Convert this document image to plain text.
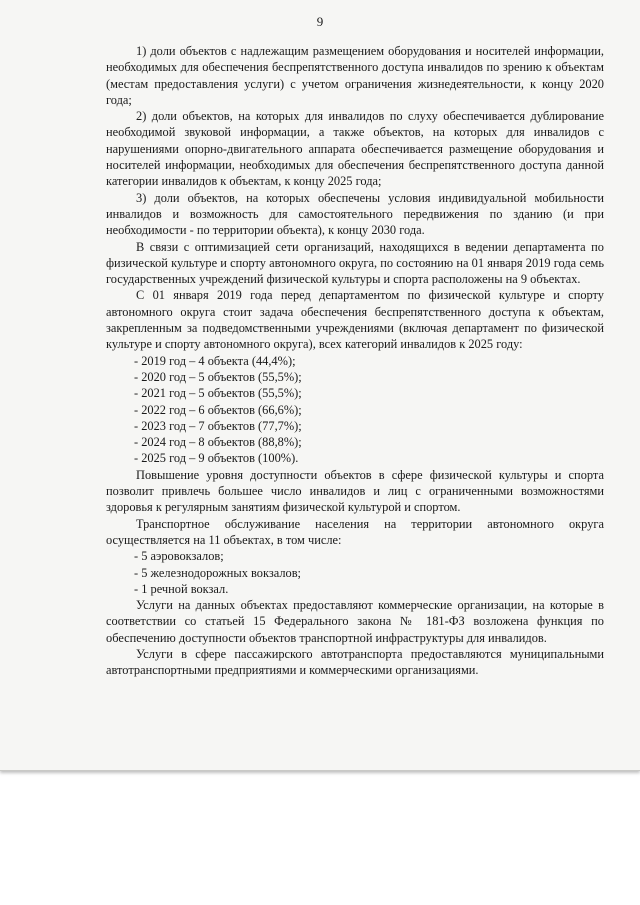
9

1) доли объектов с надлежащим размещением оборудования и носителей информации, необходимых для обеспечения беспрепятственного доступа инвалидов по зрению к объектам (местам предоставления услуги) с учетом ограничения жизнедеятельности, к концу 2020 года;

2) доли объектов, на которых для инвалидов по слуху обеспечивается дублирование необходимой звуковой информации, а также объектов, на которых для инвалидов с нарушениями опорно-двигательного аппарата обеспечивается размещение оборудования и носителей информации, необходимых для обеспечения беспрепятственного доступа данной категории инвалидов к объектам, к концу 2025 года;

3) доли объектов, на которых обеспечены условия индивидуальной мобильности инвалидов и возможность для самостоятельного передвижения по зданию (и при необходимости - по территории объекта), к концу 2030 года.

В связи с оптимизацией сети организаций, находящихся в ведении департамента по физической культуре и спорту автономного округа, по состоянию на 01 января 2019 года семь государственных учреждений физической культуры и спорта расположены на 9 объектах.

С 01 января 2019 года перед департаментом по физической культуре и спорту автономного округа стоит задача обеспечения беспрепятственного доступа к объектам, закрепленным за подведомственными учреждениями (включая департамент по физической культуре и спорту автономного округа), всех категорий инвалидов к 2025 году:

- 2019 год – 4 объекта (44,4%);
- 2020 год – 5 объектов (55,5%);
- 2021 год – 5 объектов (55,5%);
- 2022 год – 6 объектов (66,6%);
- 2023 год – 7 объектов (77,7%);
- 2024 год – 8 объектов (88,8%);
- 2025 год – 9 объектов (100%).

Повышение уровня доступности объектов в сфере физической культуры и спорта позволит привлечь большее число инвалидов и лиц с ограниченными возможностями здоровья к регулярным занятиям физической культурой и спортом.

Транспортное обслуживание населения на территории автономного округа осуществляется на 11 объектах, в том числе:

- 5 аэровокзалов;
- 5 железнодорожных вокзалов;
- 1 речной вокзал.

Услуги на данных объектах предоставляют коммерческие организации, на которые в соответствии со статьей 15 Федерального закона № 181-ФЗ возложена функция по обеспечению доступности объектов транспортной инфраструктуры для инвалидов.

Услуги в сфере пассажирского автотранспорта предоставляются муниципальными автотранспортными предприятиями и коммерческими организациями.
